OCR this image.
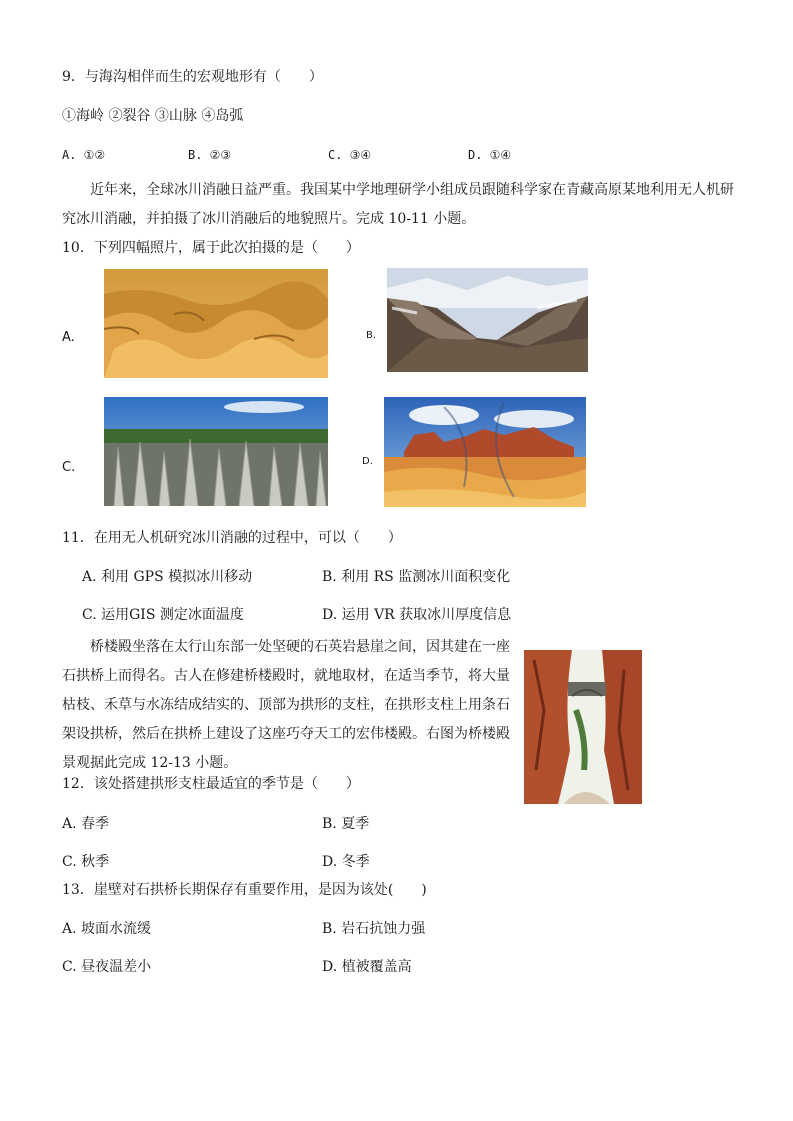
9．与海沟相伴而生的宏观地形有（　　）
①海岭 ②裂谷 ③山脉 ④岛弧
A. ①②	B. ②③	C. ③④	D. ①④

近年来，全球冰川消融日益严重。我国某中学地理研学小组成员跟随科学家在青藏高原某地利用无人机研究冰川消融，并拍摄了冰川消融后的地貌照片。完成 10-11 小题。

10．下列四幅照片，属于此次拍摄的是（　　）
A.	B.
C.	D.
11．在用无人机研究冰川消融的过程中，可以（　　）
A. 利用 GPS 模拟冰川移动	B. 利用 RS 监测冰川面积变化
C. 运用GIS 测定冰面温度	D. 运用 VR 获取冰川厚度信息

桥楼殿坐落在太行山东部一处坚硬的石英岩悬崖之间，因其建在一座石拱桥上而得名。古人在修建桥楼殿时，就地取材，在适当季节，将大量枯枝、禾草与水冻结成结实的、顶部为拱形的支柱，在拱形支柱上用条石架设拱桥，然后在拱桥上建设了这座巧夺天工的宏伟楼殿。右图为桥楼殿景观据此完成 12-13 小题。

12．该处搭建拱形支柱最适宜的季节是（　　）
A. 春季	B. 夏季
C. 秋季	D. 冬季
13．崖壁对石拱桥长期保存有重要作用，是因为该处(　　)
A. 坡面水流缓	B. 岩石抗蚀力强
C. 昼夜温差小	D. 植被覆盖高
